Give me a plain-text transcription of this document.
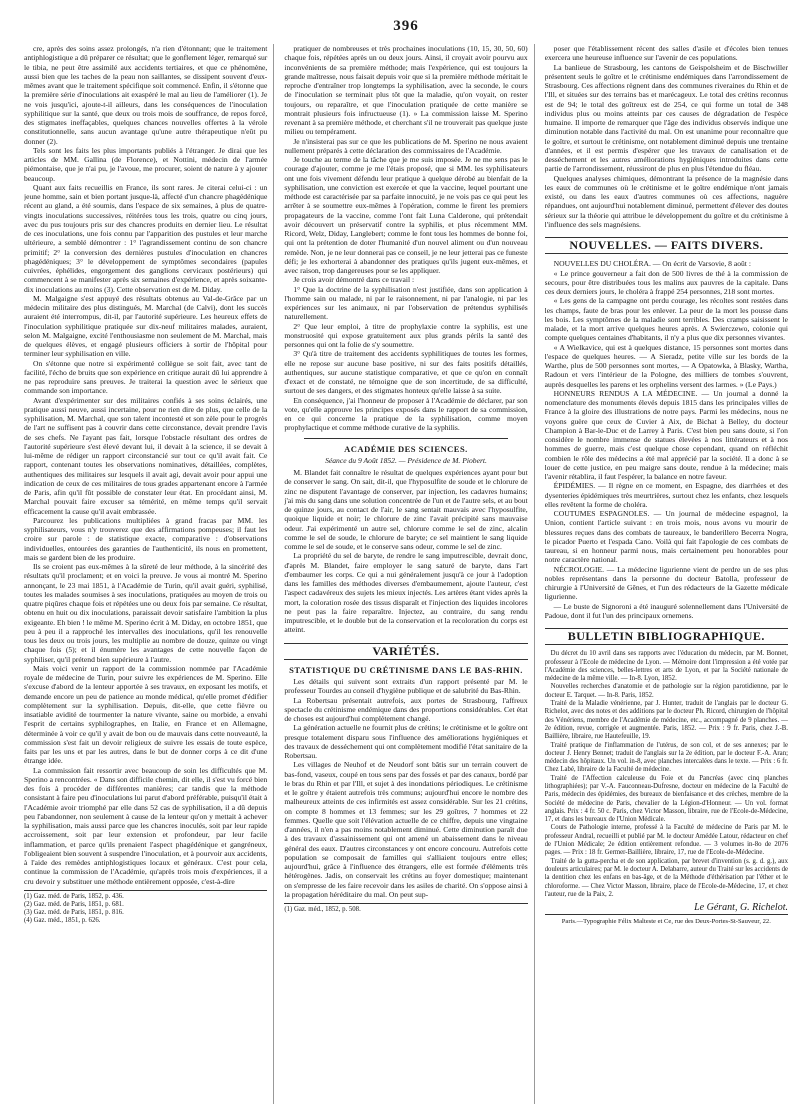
396

cre, après des soins assez prolongés, n'a rien d'étonnant; que le traitement antiphlogistique a dû préparer ce résultat; que le gonflement léger, remarqué sur le tibia, ne peut être assimilé aux accidents tertiaires, et que ce phénomène, aussi bien que les taches de la peau non saillantes, se dissipent souvent d'eux-mêmes avant que le traitement spécifique soit commencé. Enfin, il s'étonne que la première série d'inoculations ait exaspéré le mal au lieu de l'améliorer (1). Je ne vois jusqu'ici, ajoute-t-il ailleurs, dans les conséquences de l'inoculation syphilitique sur la santé, que deux ou trois mois de souffrance, de repos forcé, des stigmates ineffaçables, quelques chances nouvelles offertes à la vérole constitutionnelle, sans aucun avantage qu'une autre thérapeutique n'eût pu donner (2).

Tels sont les faits les plus importants publiés à l'étranger. Je dirai que les articles de MM. Gallina (de Florence), et Nottini, médecin de l'armée piémontaise, que je n'ai pu, je l'avoue, me procurer, soient de nature à y ajouter beaucoup.

Quant aux faits recueillis en France, ils sont rares. Je citerai celui-ci : un jeune homme, sain et bien portant jusque-là, affecté d'un chancre phagédénique récent au gland, a été soumis, dans l'espace de six semaines, à plus de quatre-vingts inoculations successives, réitérées tous les trois, quatre ou cinq jours, avec du pus toujours pris sur des chancres produits en dernier lieu. Le résultat de ces inoculations, une fois connu par l'apparition des pustules et leur marche ultérieure, a semblé démontrer : 1° l'agrandissement continu de son chancre primitif; 2° la conversion des dernières pustules d'inoculation en chancres phagédéniques; 3° le développement de symptômes secondaires (papules cuivrées, éphélides, engorgement des ganglions cervicaux postérieurs) qui commencent à se manifester après six semaines d'expérience, et après soixante-dix inoculations au moins (3). Cette observation est de M. Diday.

M. Malgaigne s'est appuyé des résultats obtenus au Val-de-Grâce par un médecin militaire des plus distingués, M. Marchal (de Calvi), dont les succès auraient été interrompus, dit-il, par l'autorité supérieure. Les heureux effets de l'inoculation syphilitique pratiquée sur dix-neuf militaires malades, auraient, selon M. Malgaigne, excité l'enthousiasme non seulement de M. Marchal, mais de quelques élèves, et engagé plusieurs officiers à sortir de l'hôpital pour terminer leur syphilisation en ville.

On s'étonne que notre si expérimenté collègue se soit fait, avec tant de facilité, l'écho de bruits que son expérience en critique aurait dû lui apprendre à ne pas reproduire sans preuves. Je traiterai la question avec le sérieux que commande son importance.

Avant d'expérimenter sur des militaires confiés à ses soins éclairés, une pratique aussi neuve, aussi incertaine, pour ne rien dire de plus, que celle de la syphilisation, M. Marchal, que son talent incontesté et son zèle pour le progrès de l'art ne suffisent pas à couvrir dans cette circonstance, devait prendre l'avis de ses chefs. Ne l'ayant pas fait, lorsque l'obstacle résultant des ordres de l'autorité supérieure s'est élevé devant lui, il devait à la science, il se devait à lui-même de rédiger un rapport circonstancié sur tout ce qu'il avait fait. Ce rapport, contenant toutes les observations nominatives, détaillées, complètes, authentiques des militaires sur lesquels il avait agi, devait avoir pour appui une indication de ceux de ces militaires de tous grades appartenant encore à l'armée de Paris, afin qu'il fût possible de constater leur état. En procédant ainsi, M. Marchal pouvait faire excuser sa témérité, en même temps qu'il servait efficacement la cause qu'il avait embrassée.

Parcourez les publications multipliées à grand fracas par MM. les syphilisateurs, vous n'y trouverez que des affirmations pompeuses; il faut les croire sur parole : de statistique exacte, comparative : d'observations individuelles, entourées des garanties de l'authenticité, ils nous en promettent, mais se gardent bien de les produire.

Ils se croient pas eux-mêmes à la sûreté de leur méthode, à la sincérité des résultats qu'il proclament; et en voici la preuve. Je vous ai montré M. Sperino annonçant, le 23 mai 1851, à l'Académie de Turin, qu'il avait guéri, syphilisé, toutes les malades soumises à ses inoculations, pratiquées au moyen de trois ou quatre piqûres chaque fois et répétées une ou deux fois par semaine. Ce résultat, obtenu en huit ou dix inoculations, paraissait devoir satisfaire l'ambition la plus exigeante. Eh bien ! le même M. Sperino écrit à M. Diday, en octobre 1851, que peu à peu il a rapproché les intervalles des inoculations, qu'il les renouvelle tous les deux ou trois jours, les multiplie au nombre de douze, quinze ou vingt chaque fois (5); et il énumère les avantages de cette nouvelle façon de syphiliser, qu'il prétend bien supérieure à l'autre.

Mais voici venir un rapport de la commission nommée par l'Académie royale de médecine de Turin, pour suivre les expériences de M. Sperino. Elle s'excuse d'abord de la lenteur apportée à ses travaux, en exposant les motifs, et demande encore un peu de patience au monde médical, qu'elle promet d'édifier complètement sur la syphilisation. Depuis, dit-elle, que cette fièvre ou insatiable avidité de tourmenter la nature vivante, saine ou morbide, a envahi l'esprit de certains syphilographes, en Italie, en France et en Allemagne, déterminée à voir ce qu'il y avait de bon ou de mauvais dans cette nouveauté, la commission s'est fait un devoir religieux de suivre les essais de toute espèce, faits par les uns et par les autres, dans le but de donner corps à ce dit d'une étrange idée.

La commission fait ressortir avec beaucoup de soin les difficultés que M. Sperino a rencontrées. « Dans son difficile chemin, dit elle, il s'est vu forcé bien des fois à procéder de différentes manières; car tandis que la méthode consistant à faire peu d'inoculations lui parut d'abord préférable, puisqu'il était à l'Académie avoir triomphé par elle dans 52 cas de syphilisation, il a dû depuis peu l'abandonner, non seulement à cause de la lenteur qu'on y mettait à achever la syphilisation, mais aussi parce que les chancres inoculés, soit par leur rapide accroissement, soit par leur extension et profondeur, par leur facile inflammation, et parce qu'ils prenaient l'aspect phagédénique et gangréneux, l'obligeaient bien souvent à suspendre l'inoculation, et à pourvoir aux accidents, à l'aide des remèdes antiphlogistiques locaux et généraux. C'est pour cela, continue la commission de l'Académie, qu'après trois mois d'expériences, il a cru devoir y substituer une méthode entièrement opposée, c'est-à-dire

(1) Gaz. méd. de Paris, 1852, p. 436.
(2) Gaz. méd. de Paris, 1851, p. 681.
(3) Gaz. méd. de Paris, 1851, p. 816.
(4) Gaz. méd., 1851, p. 626.

pratiquer de nombreuses et très prochaines inoculations (10, 15, 30, 50, 60) chaque fois, répétées après un ou deux jours. Ainsi, il croyait avoir pourvu aux inconvénients de sa première méthode; mais l'expérience, qui est toujours la grande maîtresse, nous faisait depuis voir que si la première méthode méritait le reproche d'entraîner trop longtemps la syphilisation, avec la seconde, le cours de l'inoculation se terminait plus tôt que la maladie, qu'on voyait, on rester toujours, ou reparaître, et que l'inoculation pratiquée de cette manière se montrait plusieurs fois infructueuse (1). » La commission laisse M. Sperino revenant à sa première méthode, et cherchant s'il ne trouverait pas quelque juste milieu ou tempérament.

Je n'insisterai pas sur ce que les publications de M. Sperino ne nous avaient nullement préparés à cette déclaration des commissaires de l'Académie.

Je touche au terme de la tâche que je me suis imposée. Je ne me sens pas le courage d'ajouter, comme je me l'étais proposé, que si MM. les syphilisateurs ont une fois vivement défendu leur pratique à quelque dérobé au bienfait de la syphilisation, une conviction est exercée et que la vaccine, lequel pourtant une méthode est caractérisée par sa parfaite innocuité, je ne vois pas ce qui peut les arrêter à se soumettre eux-mêmes à l'opération, comme le firent les premiers propagateurs de la vaccine, comme l'ont fait Luna Calderone, qui prétendait avoir découvert un préservatif contre la syphilis, et plus récemment MM. Ricord, Welz, Diday, Langlebert; comme le font tous les hommes de bonne foi, qui ont la prétention de doter l'humanité d'un nouvel aliment ou d'un nouveau remède. Non, je ne leur donnerai pas ce conseil, je ne leur jetterai pas ce funeste défi; je les exhorterai à abandonner des pratiques qu'ils jugent eux-mêmes, et avec raison, trop dangereuses pour se les appliquer.

Je crois avoir démontré dans ce travail :

1° Que la doctrine de la syphilisation n'est justifiée, dans son application à l'homme sain ou malade, ni par le raisonnement, ni par l'analogie, ni par les expériences sur les animaux, ni par l'observation de prétendus syphilisés naturellement.

2° Que leur emploi, à titre de prophylaxie contre la syphilis, est une monstruosité qui expose gratuitement aux plus grands périls la santé des personnes qui ont la folie de s'y soumettre.

3° Qu'à titre de traitement des accidents syphilitiques de toutes les formes, elle ne repose sur aucune base positive, ni sur des faits positifs détaillés, authentiques, sur aucune statistique comparative, et que ce qu'on en connaît d'exact et de constaté, ne témoigne que de son incertitude, de sa difficulté, surtout de ses dangers, et des stigmates honteux qu'elle laisse à sa suite.

En conséquence, j'ai l'honneur de proposer à l'Académie de déclarer, par son vote, qu'elle approuve les principes exposés dans le rapport de sa commission, en ce qui concerne la pratique de la syphilisation, comme moyen prophylactique et comme méthode curative de la syphilis.

ACADÉMIE DES SCIENCES.
Séance du 9 Août 1852. — Présidence de M. Piobert.

M. Blandet fait connaître le résultat de quelques expériences ayant pour but de conserver le sang. On sait, dit-il, que l'hyposulfite de soude et le chlorure de zinc ne disputent l'avantage de conserver, par injection, les cadavres humains; j'ai mis du sang dans une solution concentrée de l'un et de l'autre sels, et au bout de quinze jours, au contact de l'air, le sang sentait mauvais avec l'hyposulfite, quoique liquide et noir; le chlorure de zinc l'avait précipité sans mauvaise odeur. J'ai expérimenté un autre sel, chlorure comme le sel de zinc, alcalin comme le sel de soude, le chlorure de baryte; ce sel maintient le sang liquide comme le sel de soude, et le conserve sans odeur, comme le sel de zinc.

La propriété du sel de baryte, de rendre le sang imputrescible, devrait donc, d'après M. Blandet, faire employer le sang saturé de baryte, dans l'art d'embaumer les corps. Ce qui a nui généralement jusqu'à ce jour à l'adoption dans les familles des méthodes diverses d'embaumement, ajoute l'auteur, c'est l'aspect cadavéreux des sujets les mieux injectés. Les artères étant vides après la mort, la coloration rosée des tissus disparaît et l'injection des liquides incolores ne peut pas la faire reparaître. Injectez, au contraire, du sang rendu imputrescible, et le double but de la conservation et la recoloration du corps est atteint.

VARIÉTÉS.
STATISTIQUE DU CRÉTINISME DANS LE BAS-RHIN.

Les détails qui suivent sont extraits d'un rapport présenté par M. le professeur Tourdes au conseil d'hygiène publique et de salubrité du Bas-Rhin.

La Robertsau présentait autrefois, aux portes de Strasbourg, l'affreux spectacle du crétinisme endémique dans des proportions considérables. Cet état de choses est aujourd'hui complètement changé.

La génération actuelle ne fournit plus de crétins; le crétinisme et le goître ont presque totalement disparu sous l'influence des améliorations hygiéniques et des travaux de desséchement qui ont complètement modifié l'état sanitaire de la Robertsau.

Les villages de Neuhof et de Neudorf sont bâtis sur un terrain couvert de bas-fond, vaseux, coupé en tous sens par des fossés et par des canaux, bordé par le bras du Rhin et par l'Ill, et sujet à des inondations périodiques. Le crétinisme et le goître y étaient autrefois très communs; aujourd'hui encore le nombre des malheureux atteints de ces infirmités est assez considérable. Sur les 21 crétins, on compte 8 hommes et 13 femmes; sur les 29 goîtres, 7 hommes et 22 femmes. Quelle que soit l'élévation actuelle de ce chiffre, depuis une vingtaine d'années, il n'en a pas moins notablement diminué. Cette diminution paraît due à des travaux d'assainissement qui ont amené un abaissement dans le niveau général des eaux. D'autres circonstances y ont encore concouru. Autrefois cette population se composait de familles qui s'alliaient toujours entre elles; aujourd'hui, grâce à l'influence des étrangers, elle est formée d'éléments très hétérogènes. Jadis, on conservait les crétins au foyer domestique; maintenant on s'empresse de les faire recevoir dans les asiles de charité. On s'oppose ainsi à la propagation héréditaire du mal. On peut sup-

(1) Gaz. méd., 1852, p. 508.

poser que l'établissement récent des salles d'asile et d'écoles bien tenues exercera une heureuse influence sur l'avenir de ces populations.

La banlieue de Strasbourg, les cantons de Geispolsheim et de Bischwiller présentent seuls le goître et le crétinisme endémiques dans l'arrondissement de Strasbourg. Ces affections règnent dans des communes riveraines du Rhin et de l'Ill, et situées sur des terrains bas et marécageux. Le total des crétins reconnus est de 94; le total des goîtreux est de 254, ce qui forme un total de 348 individus plus ou moins atteints par ces causes de dégradation de l'espèce humaine. Il importe de remarquer que l'âge des individus observés indique une diminution notable dans l'activité du mal. On est unanime pour reconnaître que le goître, et surtout le crétinisme, ont notablement diminué depuis une trentaine d'années, et il est permis d'espérer que les travaux de canalisation et de desséchement et les autres améliorations hygiéniques introduites dans cette partie de l'arrondissement, réussiront de plus en plus l'étendue du fléau.

Quelques analyses chimiques, démontrant la présence de la magnésie dans les eaux de communes où le crétinisme et le goître endémique n'ont jamais existé, ou dans les eaux d'autres communes où ces affections, naguère répandues, ont aujourd'hui notablement diminué, permettent d'élever des doutes sérieux sur la théorie qui attribue le développement du goître et du crétinisme à l'influence des sels magnésiens.

NOUVELLES. — FAITS DIVERS.

NOUVELLES DU CHOLÉRA. — On écrit de Varsovie, 8 août :

« Le prince gouverneur a fait don de 500 livres de thé à la commission de secours, pour être distribuées tous les malins aux pauvres de la capitale. Dans ces deux derniers jours, le choléra à frappé 254 personnes, 218 sont mortes.

« Les gens de la campagne ont perdu courage, les récoltes sont restées dans les champs, faute de bras pour les enlever. La peur de la mort les pousse dans les bois. Les symptômes de la maladie sont terribles. Des cramps saisissent le malade, et la mort arrive quelques heures après. A Swierczewo, colonie qui compte quelques centaines d'habitants, il n'y a plus que dix personnes vivantes.

« A Wielkavice, qui est à quelques distance, 15 personnes sont mortes dans l'espace de quelques heures. — A Sieradz, petite ville sur les bords de la Warthe, plus de 500 personnes sont mortes, — A Opatowka, à Blasky, Wartha, Radoun et vers l'intérieur de la Pologne, des milliers de tombes s'ouvrent, auprès desquelles les parens et les orphelins versent des larmes. » (Le Pays.)

HONNEURS RENDUS A LA MÉDECINE. — Un journal a donné la nomenclature des monuments élevés depuis 1815 dans les principales villes de France à la gloire des illustrations de notre pays. Parmi les médecins, nous ne voyons guère que ceux de Cuvier à Aix, de Bichat à Belley, du docteur Champion à Bar-le-Duc et de Larrey à Paris. C'est bien peu sans doute, si l'on considère le nombre immense de statues élevées à nos littérateurs et à nos hommes de guerre, mais c'est quelque chose cependant, quand on réfléchit combien le rôle des médecins a été mal apprécié par la société. Il a donc à se louer de cette justice, en peu maigre sans doute, rendue à la médecine; mais l'avenir rétablira, il faut l'espérer, la balance en notre faveur.

ÉPIDÉMIES. — Il règne en ce moment, en Espagne, des diarrhées et des dysenteries épidémiques très meurtrières, surtout chez les enfants, chez lesquels elles revêtent la forme de choléra.

COUTUMES ESPAGNOLES. — Un journal de médecine espagnol, la Union, contient l'article suivant : en trois mois, nous avons vu mourir de blessures reçues dans des combats de taureaux, le banderillero Becerra Nogra, le picador Puerto et l'espada Cano. Voilà qui fait l'apologie de ces combats de taureau, si en honneur parmi nous, mais certainement peu honorables pour notre caractère national.

NÉCROLOGIE. — La médecine ligurienne vient de perdre un de ses plus nobles représentans dans la personne du docteur Batolla, professeur de chirurgie à l'Université de Gênes, et l'un des rédacteurs de la Gazette médicale ligurienne.

— Le buste de Signoroni a été inauguré solennellement dans l'Université de Padoue, dont il fut l'un des principaux ornemens.

BULLETIN BIBLIOGRAPHIQUE.

Du décret du 10 avril dans ses rapports avec l'éducation du médecin, par M. Bonnet, professeur à l'Ecole de médecine de Lyon. — Mémoire dont l'impression a été votée par l'Académie des sciences, belles-lettres et arts de Lyon, et par la Société nationale de médecine de la même ville. — In-8. Lyon, 1852.

Nouvelles recherches d'anatomie et de pathologie sur la région parotidienne, par le docteur E. Tarquet. — In-8. Paris, 1852.

Traité de la Maladie vénérienne, par J. Hunter, traduit de l'anglais par le docteur G. Richelot, avec des notes et des additions par le docteur Ph. Ricord, chirurgien de l'hôpital des Vénériens, membre de l'Académie de médecine, etc., accompagné de 9 planches. — 2e édition, revue, corrigée et augmentée. Paris, 1852. — Prix : 9 fr. Paris, chez J.-B. Baillière, libraire, rue Hautefeuille, 19.

Traité pratique de l'inflammation de l'utérus, de son col, et de ses annexes; par le docteur J. Henry Bennet; traduit de l'anglais sur la 2e édition, par le docteur F.-A. Aran; médecin des hôpitaux. Un vol. in-8, avec planches intercalées dans le texte. — Prix : 6 fr. Chez Labé, libraire de la Faculté de médecine.

Traité de l'Affection calculeuse du Foie et du Pancréas (avec cinq planches lithographiées); par V.-A. Fauconneau-Dufresne, docteur en médecine de la Faculté de Paris, médecin des épidémies, des bureaux de bienfaisance et des crèches, membre de la Société de médecine de Paris, chevalier de la Légion-d'Honneur. — Un vol. format anglais. Prix : 4 fr. 50 c. Paris, chez Victor Masson, libraire, rue de l'Ecole-de-Médecine, 17, et dans les bureaux de l'Union Médicale.

Cours de Pathologie interne, professé à la Faculté de médecine de Paris par M. le professeur Andral, recueilli et publié par M. le docteur Amédée Latour, rédacteur en chef de l'Union Médicale; 2e édition entièrement refondue. — 3 volumes in-8o de 2076 pages. — Prix : 18 fr. Germer-Baillière, libraire, 17, rue de l'Ecole-de-Médecine.

Traité de la gutta-percha et de son application, par brevet d'invention (s. g. d. g.), aux douleurs articulaires; par M. le docteur A. Delabarre, auteur du Traité sur les accidents de la dentition chez les enfans en bas-âge, et de la Méthode d'éthérisation par l'éther et le chloroforme. — Chez Victor Masson, libraire, place de l'Ecole-de-Médecine, 17, et chez l'auteur, rue de la Paix, 2.

Le Gérant, G. Richelot.
Paris.—Typographie Félix Malteste et Ce, rue des Deux-Portes-St-Sauveur, 22.
